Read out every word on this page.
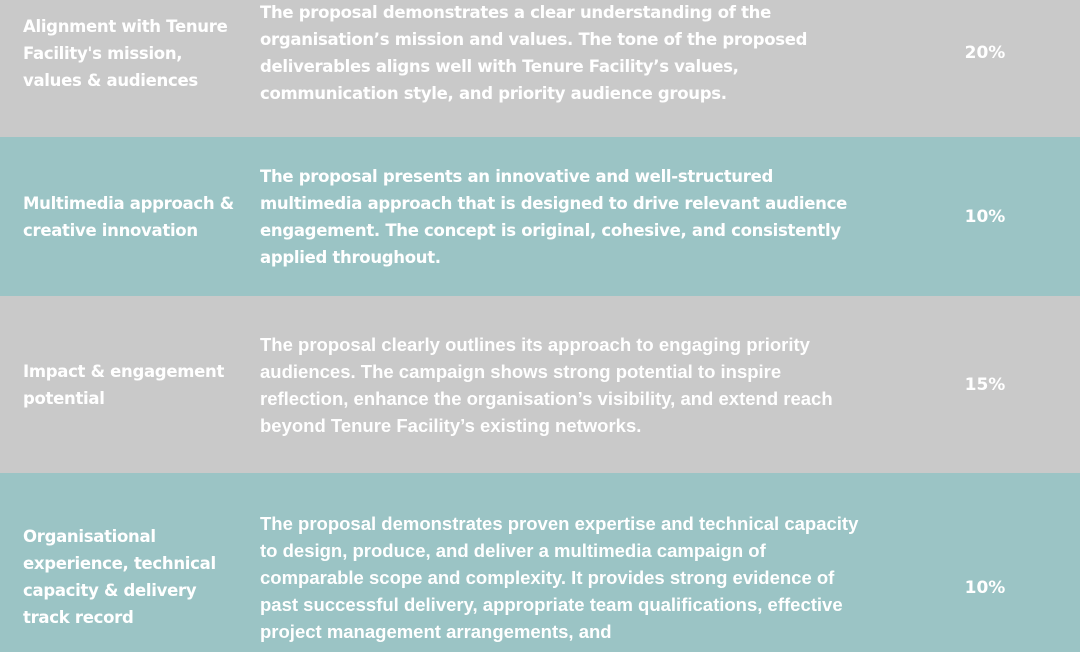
Alignment with Tenure Facility's mission, values & audiences
The proposal demonstrates a clear understanding of the organisation’s mission and values. The tone of the proposed deliverables aligns well with Tenure Facility’s values, communication style, and priority audience groups.
20%
Multimedia approach & creative innovation
The proposal presents an innovative and well-structured multimedia approach that is designed to drive relevant audience engagement. The concept is original, cohesive, and consistently applied throughout.
10%
Impact & engagement potential
The proposal clearly outlines its approach to engaging priority audiences. The campaign shows strong potential to inspire reflection, enhance the organisation’s visibility, and extend reach beyond Tenure Facility’s existing networks.
15%
Organisational experience, technical capacity & delivery track record
The proposal demonstrates proven expertise and technical capacity to design, produce, and deliver a multimedia campaign of comparable scope and complexity. It provides strong evidence of past successful delivery, appropriate team qualifications, effective project management arrangements, and
10%
